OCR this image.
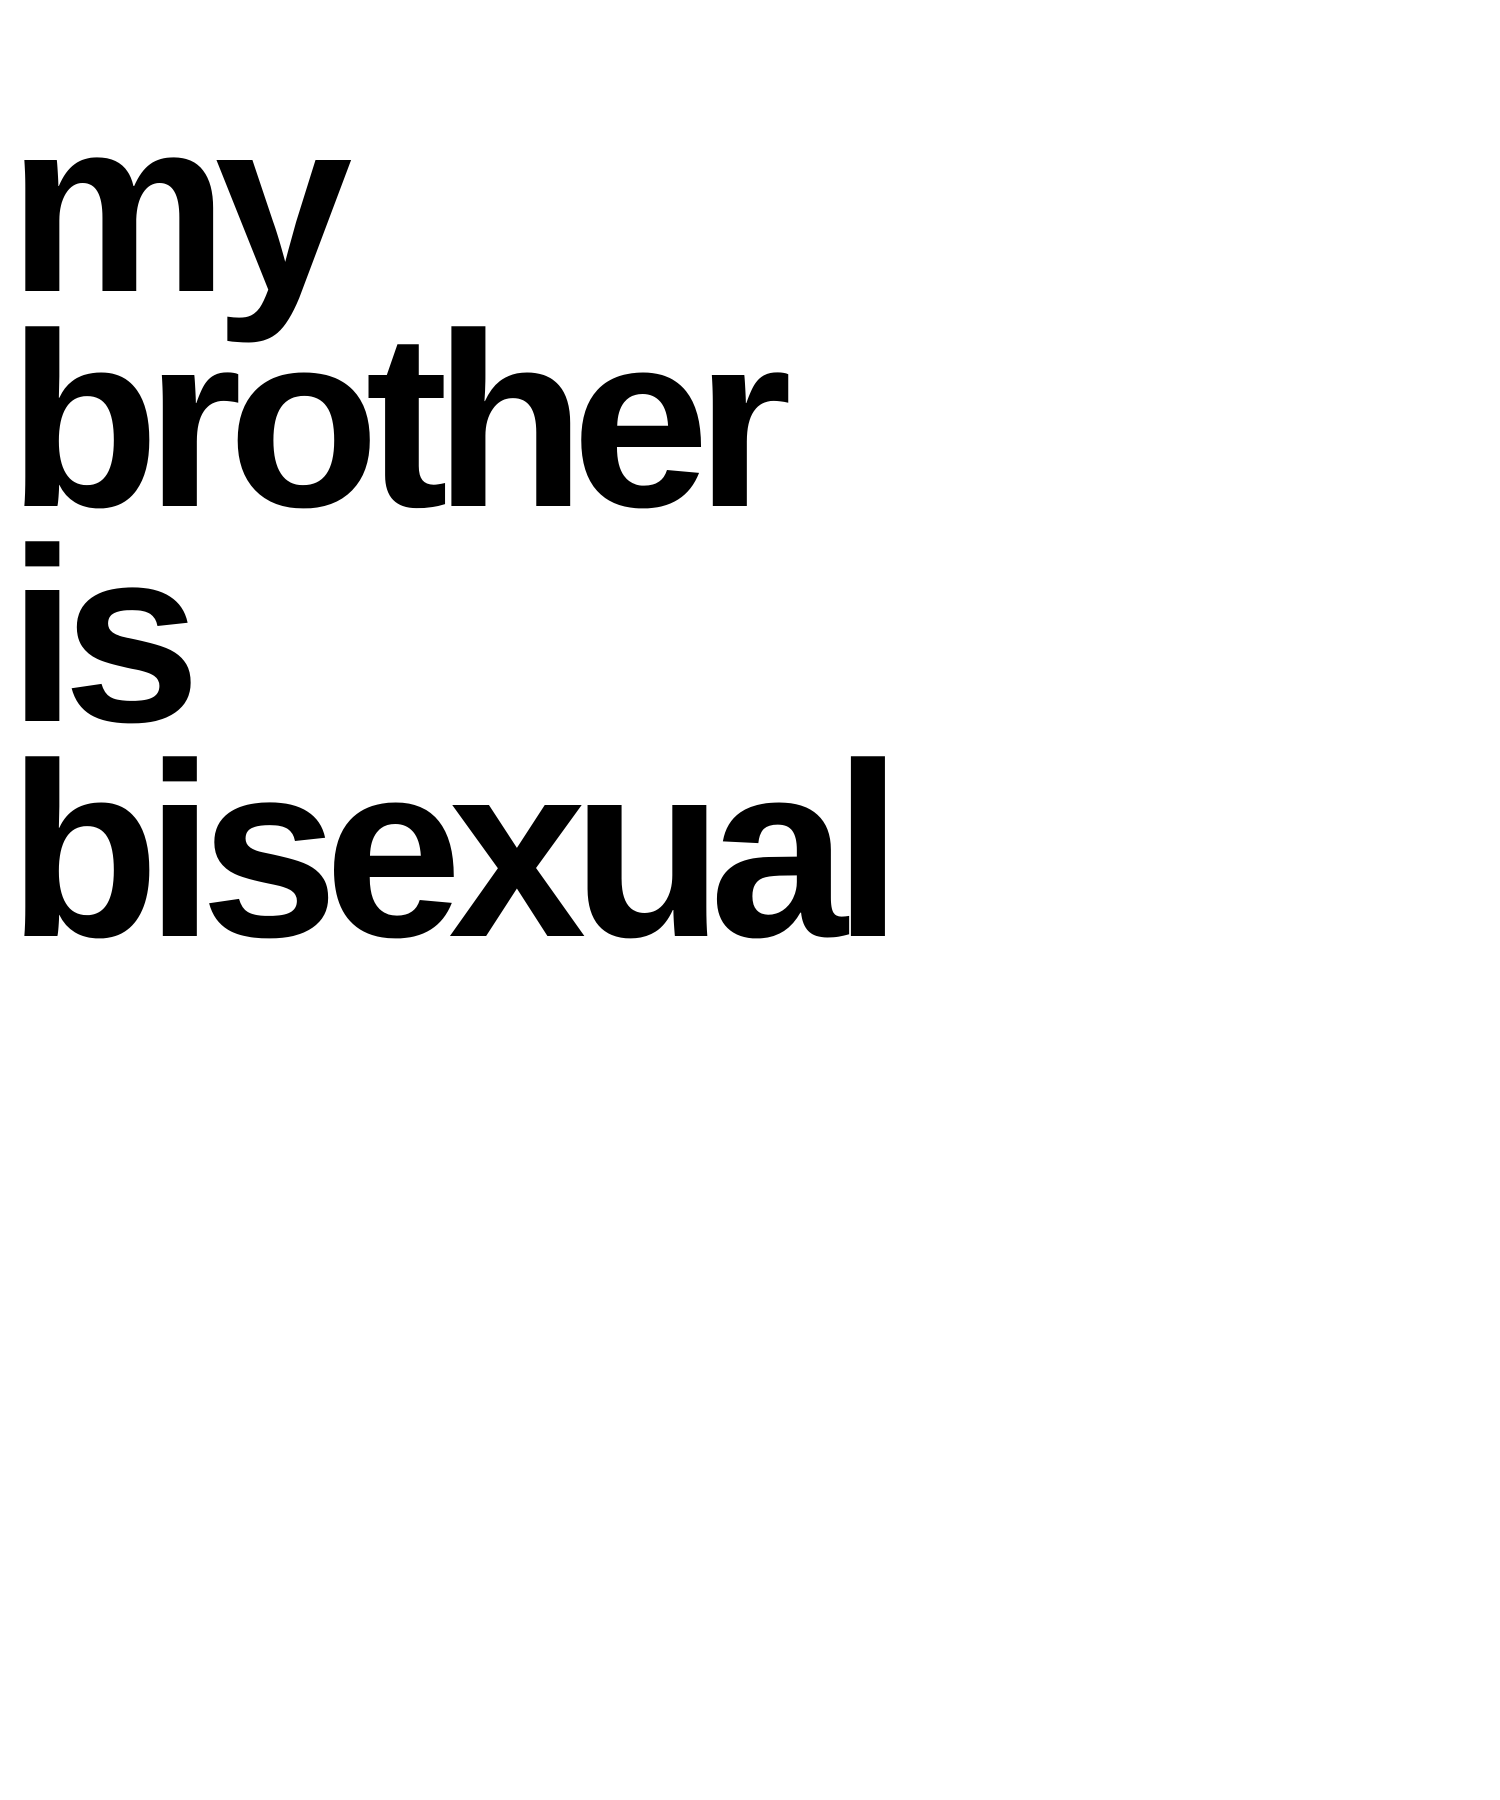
my
brother
is
bisexual
